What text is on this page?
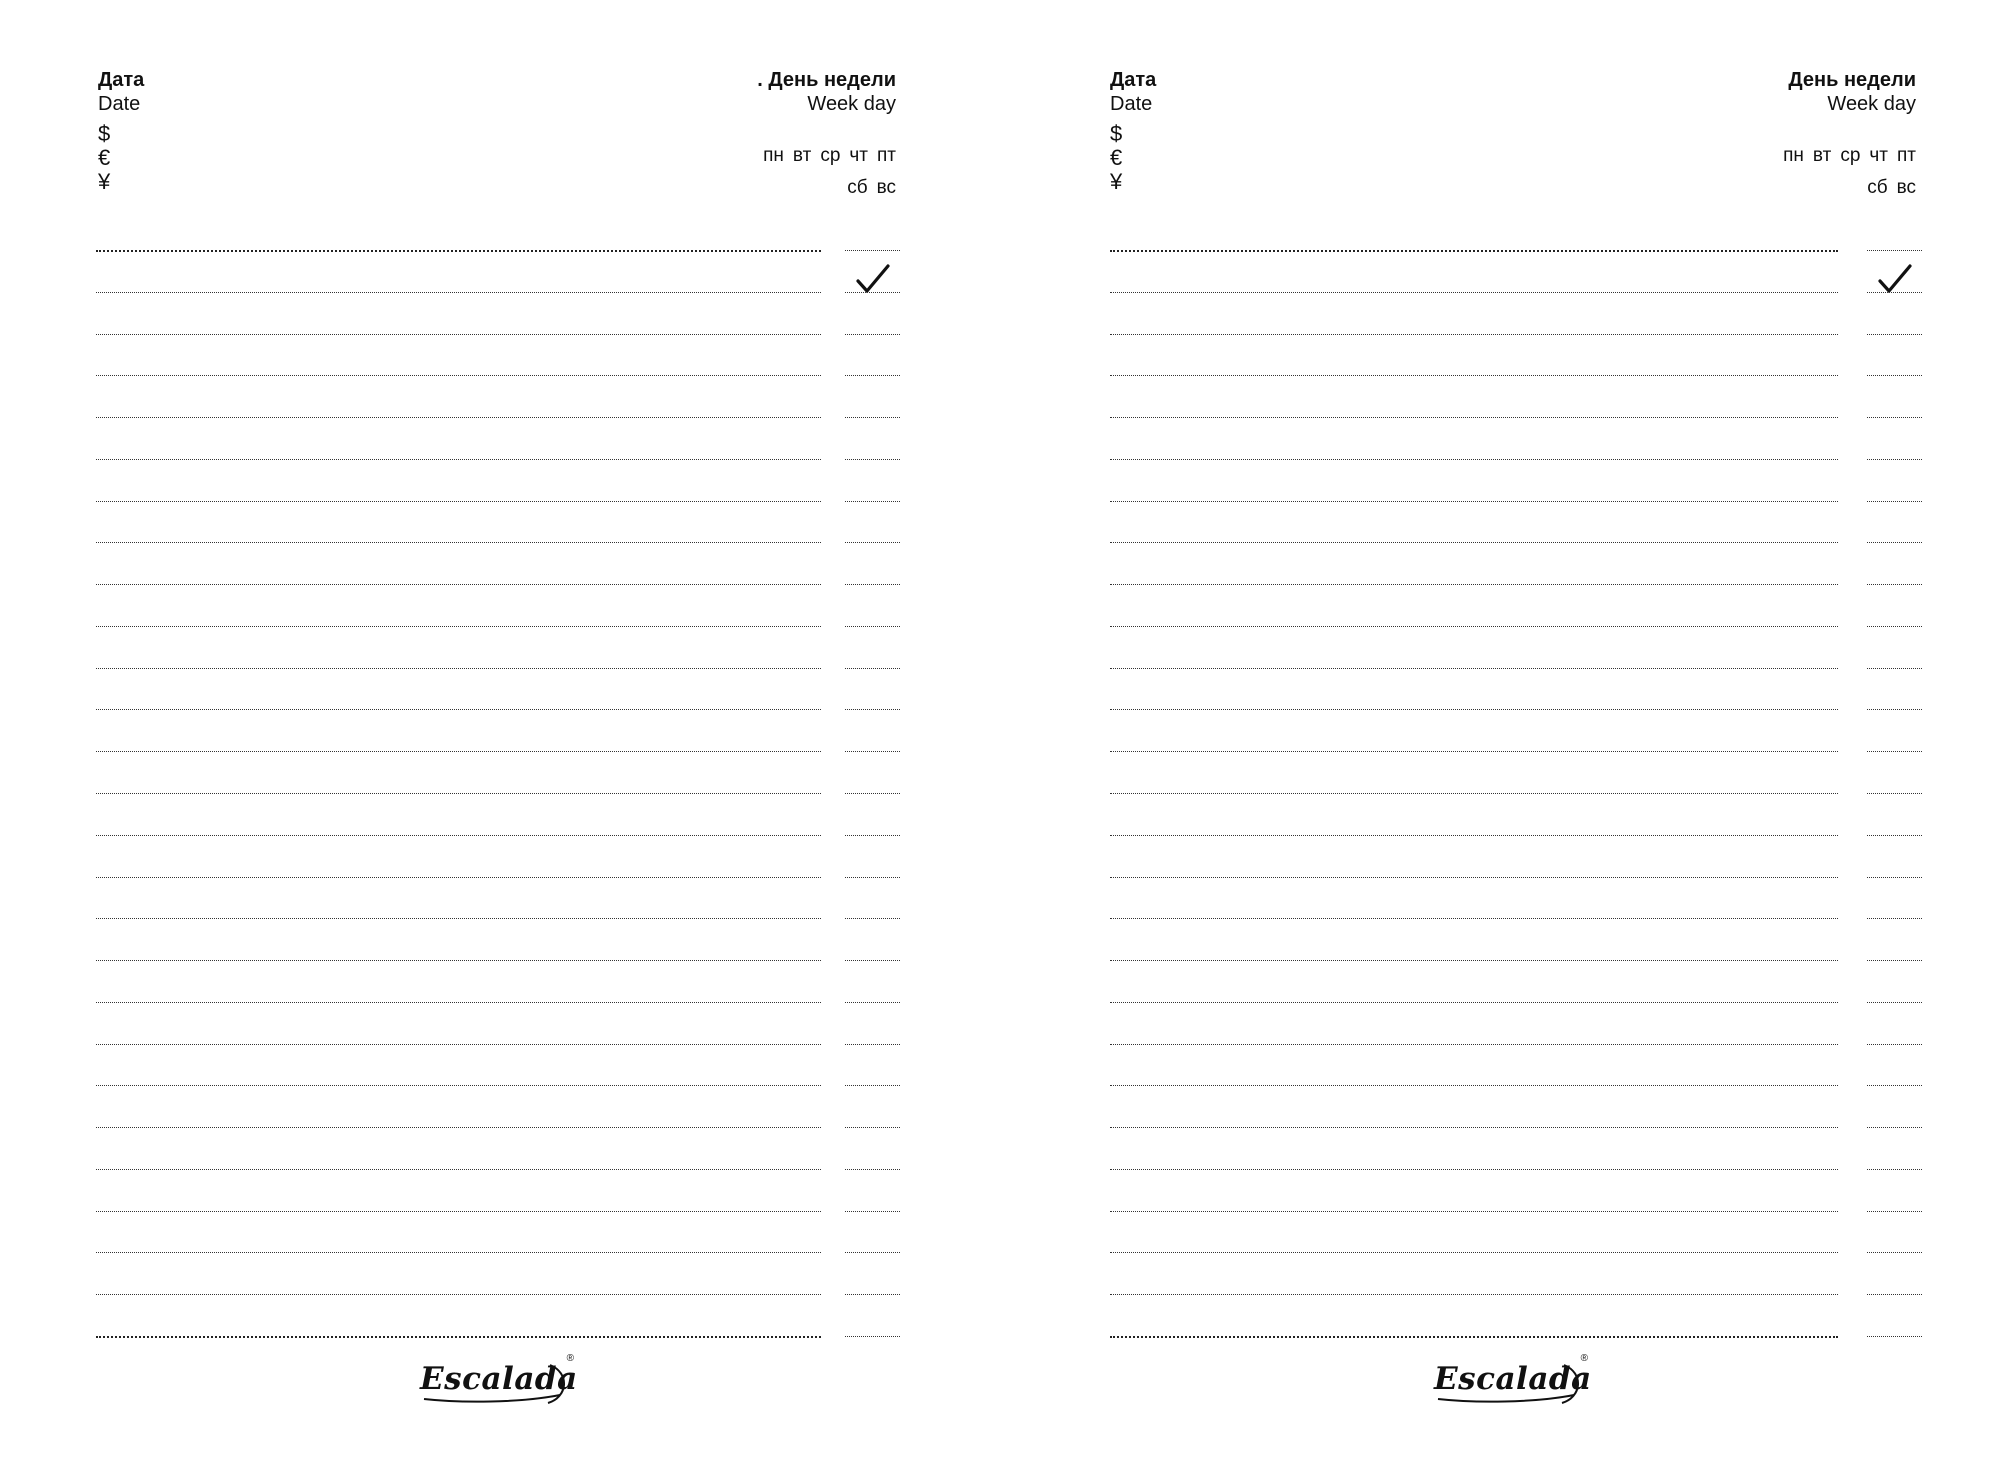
Дата
Date
$
€
¥
. День недели
Week day
пн вт ср чт пт
сб вс
Escalada
®
Дата
Date
$
€
¥
День недели
Week day
пн вт ср чт пт
сб вс
Escalada
®
